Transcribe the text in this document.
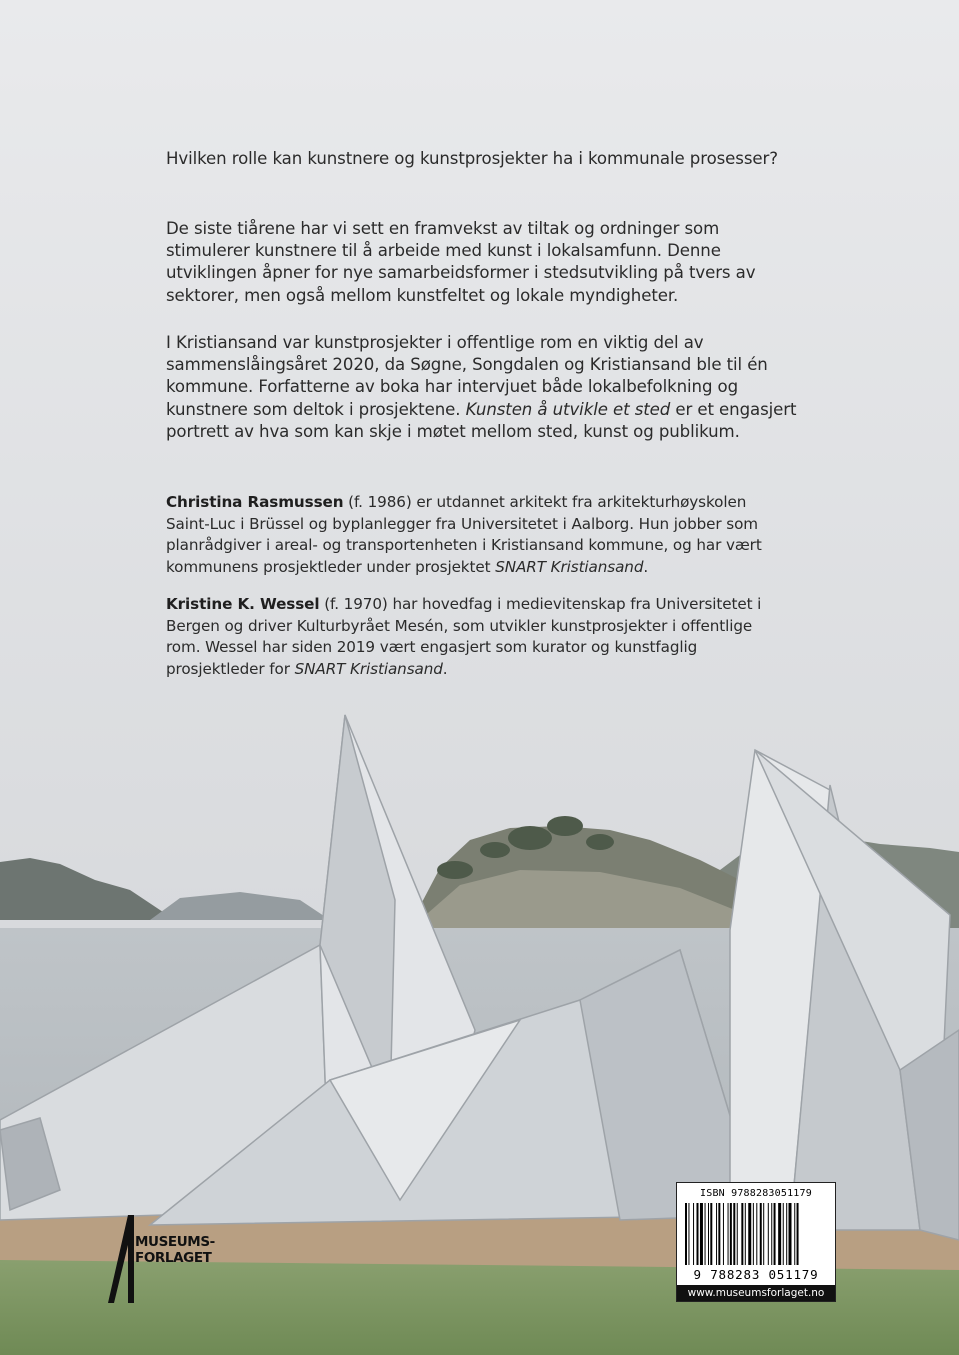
Hvilken rolle kan kunstnere og kunstprosjekter ha i kommunale prosesser?

De siste tiårene har vi sett en framvekst av tiltak og ordninger som stimulerer kunstnere til å arbeide med kunst i lokalsamfunn. Denne utviklingen åpner for nye samarbeidsformer i stedsutvikling på tvers av sektorer, men også mellom kunstfeltet og lokale myndigheter.

I Kristiansand var kunstprosjekter i offentlige rom en viktig del av sammenslåingsåret 2020, da Søgne, Songdalen og Kristiansand ble til én kommune. Forfatterne av boka har intervjuet både lokalbefolkning og kunstnere som deltok i prosjektene. Kunsten å utvikle et sted er et engasjert portrett av hva som kan skje i møtet mellom sted, kunst og publikum.

Christina Rasmussen (f. 1986) er utdannet arkitekt fra arkitekturhøyskolen Saint-Luc i Brüssel og byplanlegger fra Universitetet i Aalborg. Hun jobber som planrådgiver i areal- og transportenheten i Kristiansand kommune, og har vært kommunens prosjektleder under prosjektet SNART Kristiansand.

Kristine K. Wessel (f. 1970) har hovedfag i medievitenskap fra Universitetet i Bergen og driver Kulturbyrået Mesén, som utvikler kunstprosjekter i offentlige rom. Wessel har siden 2019 vært engasjert som kurator og kunstfaglig prosjektleder for SNART Kristiansand.

MUSEUMS-
FORLAGET
ISBN 9788283051179
9 788283 051179
www.museumsforlaget.no
